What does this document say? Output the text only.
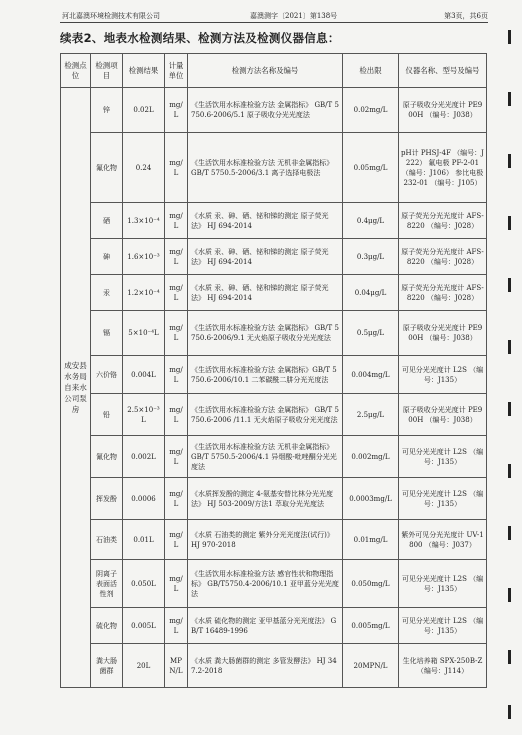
河北嘉澳环境检测技术有限公司	嘉澳测字〔2021〕第138号	第3页，共6页
续表2、地表水检测结果、检测方法及检测仪器信息：
检测点位	检测项目	检测结果	计量单位	检测方法名称及编号	检出限	仪器名称、型号及编号
成安县水务局自来水公司泵房	锌	0.02L	mg/L	《生活饮用水标准检验方法 金属指标》 GB/T 5750.6-2006/5.1 原子吸收分光光度法	0.02mg/L	原子吸收分光光度计 PE900H （编号：J038）
	氟化物	0.24	mg/L	《生活饮用水标准检验方法 无机非金属指标》 GB/T 5750.5-2006/3.1 离子选择电极法	0.05mg/L	pH计 PHSJ-4F （编号：J222） 氟电极 PF-2-01 （编号：J106） 参比电极 232-01 （编号：J105）
	硒	1.3×10⁻⁴	mg/L	《水质 汞、砷、硒、铋和锑的测定 原子荧光法》 HJ 694-2014	0.4μg/L	原子荧光分光光度计 AFS-8220 （编号：J028）
	砷	1.6×10⁻³	mg/L	《水质 汞、砷、硒、铋和锑的测定 原子荧光法》 HJ 694-2014	0.3μg/L	原子荧光分光光度计 AFS-8220 （编号：J028）
	汞	1.2×10⁻⁴	mg/L	《水质 汞、砷、硒、铋和锑的测定 原子荧光法》 HJ 694-2014	0.04μg/L	原子荧光分光光度计 AFS-8220 （编号：J028）
	镉	5×10⁻⁴L	mg/L	《生活饮用水标准检验方法 金属指标》 GB/T 5750.6-2006/9.1 无火焰原子吸收分光光度法	0.5μg/L	原子吸收分光光度计 PE900H （编号：J038）
	六价铬	0.004L	mg/L	《生活饮用水标准检验方法 金属指标》GB/T 5750.6-2006/10.1 二苯碳酰二肼分光光度法	0.004mg/L	可见分光光度计 L2S （编号：J135）
	铅	2.5×10⁻³L	mg/L	《生活饮用水标准检验方法 金属指标》 GB/T 5750.6-2006 /11.1 无火焰原子吸收分光光度法	2.5μg/L	原子吸收分光光度计 PE900H （编号：J038）
	氰化物	0.002L	mg/L	《生活饮用水标准检验方法 无机非金属指标》 GB/T 5750.5-2006/4.1 异烟酸-吡唑酮分光光度法	0.002mg/L	可见分光光度计 L2S （编号：J135）
	挥发酚	0.0006	mg/L	《水质挥发酚的测定 4-氨基安替比林分光光度法》 HJ 503-2009/方法1 萃取分光光度法	0.0003mg/L	可见分光光度计 L2S （编号：J135）
	石油类	0.01L	mg/L	《水质 石油类的测定 紫外分光光度法(试行)》 HJ 970-2018	0.01mg/L	紫外可见分光光度计 UV-1800 （编号：J037）
	阴离子表面活性剂	0.050L	mg/L	《生活饮用水标准检验方法 感官性状和物理指标》 GB/T5750.4-2006/10.1 亚甲蓝分光光度法	0.050mg/L	可见分光光度计 L2S （编号：J135）
	硫化物	0.005L	mg/L	《水质 硫化物的测定 亚甲基蓝分光光度法》 GB/T 16489-1996	0.005mg/L	可见分光光度计 L2S （编号：J135）
	粪大肠菌群	20L	MPN/L	《水质 粪大肠菌群的测定 多管发酵法》 HJ 347.2-2018	20MPN/L	生化培养箱 SPX-250B-Z （编号：J114）
